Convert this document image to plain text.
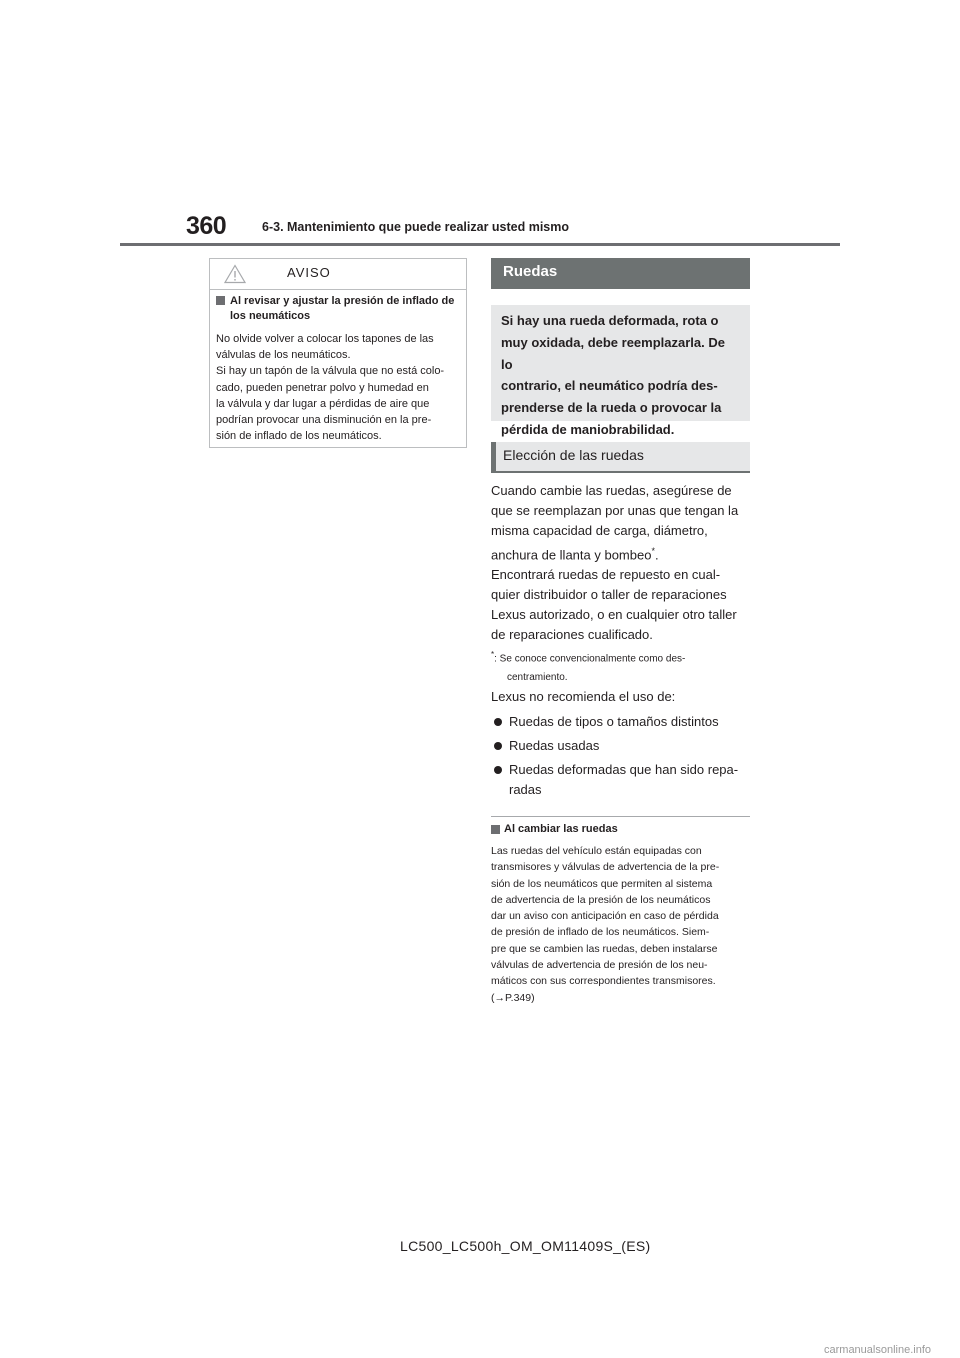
360	6-3. Mantenimiento que puede realizar usted mismo
AVISO
Al revisar y ajustar la presión de inflado de los neumáticos
No olvide volver a colocar los tapones de las
válvulas de los neumáticos.
Si hay un tapón de la válvula que no está colo-
cado, pueden penetrar polvo y humedad en
la válvula y dar lugar a pérdidas de aire que
podrían provocar una disminución en la pre-
sión de inflado de los neumáticos.
Ruedas
Si hay una rueda deformada, rota o
muy oxidada, debe reemplazarla. De lo
contrario, el neumático podría des-
prenderse de la rueda o provocar la
pérdida de maniobrabilidad.
Elección de las ruedas

Cuando cambie las ruedas, asegúrese de
que se reemplazan por unas que tengan la
misma capacidad de carga, diámetro,
anchura de llanta y bombeo*.

Encontrará ruedas de repuesto en cual-
quier distribuidor o taller de reparaciones
Lexus autorizado, o en cualquier otro taller
de reparaciones cualificado.

*: Se conoce convencionalmente como des-
centramiento.
Lexus no recomienda el uso de:
Ruedas de tipos o tamaños distintos
Ruedas usadas
Ruedas deformadas que han sido repa-
radas
Al cambiar las ruedas
Las ruedas del vehículo están equipadas con
transmisores y válvulas de advertencia de la pre-
sión de los neumáticos que permiten al sistema
de advertencia de la presión de los neumáticos
dar un aviso con anticipación en caso de pérdida
de presión de inflado de los neumáticos. Siem-
pre que se cambien las ruedas, deben instalarse
válvulas de advertencia de presión de los neu-
máticos con sus correspondientes transmisores.
(→P.349)
LC500_LC500h_OM_OM11409S_(ES)
carmanualsonline.info
